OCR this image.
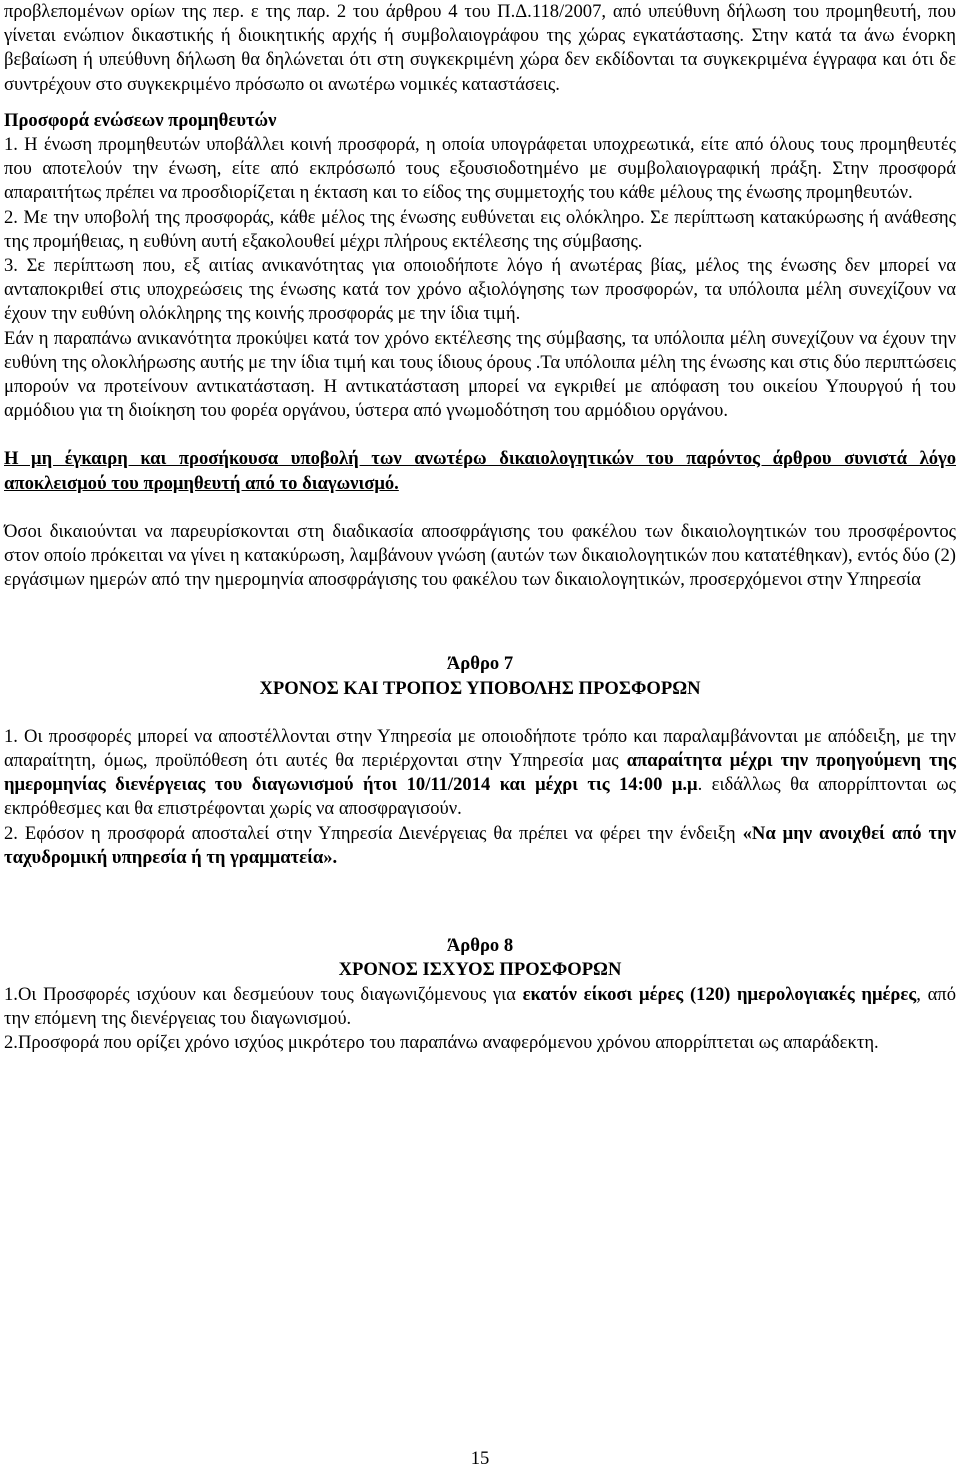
προβλεπομένων ορίων της περ. ε της παρ. 2 του άρθρου 4 του Π.Δ.118/2007, από υπεύθυνη δήλωση του προμηθευτή, που γίνεται ενώπιον δικαστικής ή διοικητικής αρχής ή συμβολαιογράφου της χώρας εγκατάστασης. Στην κατά τα άνω ένορκη βεβαίωση ή υπεύθυνη δήλωση θα δηλώνεται ότι στη συγκεκριμένη χώρα δεν εκδίδονται τα συγκεκριμένα έγγραφα και ότι δε συντρέχουν στο συγκεκριμένο πρόσωπο οι ανωτέρω νομικές καταστάσεις.

Προσφορά ενώσεων προμηθευτών

1. Η ένωση προμηθευτών υποβάλλει κοινή προσφορά, η οποία υπογράφεται υποχρεωτικά, είτε από όλους τους προμηθευτές που αποτελούν την ένωση, είτε από εκπρόσωπό τους εξουσιοδοτημένο με συμβολαιογραφική πράξη. Στην προσφορά απαραιτήτως πρέπει να προσδιορίζεται η έκταση και το είδος της συμμετοχής του κάθε μέλους της ένωσης προμηθευτών.

2. Με την υποβολή της προσφοράς, κάθε μέλος της ένωσης ευθύνεται εις ολόκληρο. Σε περίπτωση κατακύρωσης ή ανάθεσης της προμήθειας, η ευθύνη αυτή εξακολουθεί μέχρι πλήρους εκτέλεσης της σύμβασης.

3. Σε περίπτωση που, εξ αιτίας ανικανότητας για οποιοδήποτε λόγο ή ανωτέρας βίας, μέλος της ένωσης δεν μπορεί να ανταποκριθεί στις υποχρεώσεις της ένωσης κατά τον χρόνο αξιολόγησης των προσφορών, τα υπόλοιπα μέλη συνεχίζουν να έχουν την ευθύνη ολόκληρης της κοινής προσφοράς με την ίδια τιμή.

Εάν η παραπάνω ανικανότητα προκύψει κατά τον χρόνο εκτέλεσης της σύμβασης, τα υπόλοιπα μέλη συνεχίζουν να έχουν την ευθύνη της ολοκλήρωσης αυτής με την ίδια τιμή και τους ίδιους όρους .Τα υπόλοιπα μέλη της ένωσης και στις δύο περιπτώσεις μπορούν να προτείνουν αντικατάσταση. Η αντικατάσταση μπορεί να εγκριθεί με απόφαση του οικείου Υπουργού ή του αρμόδιου για τη διοίκηση του φορέα οργάνου, ύστερα από γνωμοδότηση του αρμόδιου οργάνου.

Η μη έγκαιρη και προσήκουσα υποβολή των ανωτέρω δικαιολογητικών του παρόντος άρθρου συνιστά λόγο αποκλεισμού του προμηθευτή από το διαγωνισμό.

Όσοι δικαιούνται να παρευρίσκονται στη διαδικασία αποσφράγισης του φακέλου των δικαιολογητικών του προσφέροντος στον οποίο πρόκειται να γίνει η κατακύρωση, λαμβάνουν γνώση (αυτών των δικαιολογητικών που κατατέθηκαν), εντός δύο (2) εργάσιμων ημερών από την ημερομηνία αποσφράγισης του φακέλου των δικαιολογητικών, προσερχόμενοι στην Υπηρεσία

Άρθρο 7

ΧΡΟΝΟΣ ΚΑΙ ΤΡΟΠΟΣ ΥΠΟΒΟΛΗΣ ΠΡΟΣΦΟΡΩΝ

1. Οι προσφορές μπορεί να αποστέλλονται στην Υπηρεσία με οποιοδήποτε τρόπο και παραλαμβάνονται με απόδειξη, με την απαραίτητη, όμως, προϋπόθεση ότι αυτές θα περιέρχονται στην Υπηρεσία μας απαραίτητα μέχρι την προηγούμενη της ημερομηνίας διενέργειας του διαγωνισμού ήτοι 10/11/2014 και μέχρι τις 14:00 μ.μ. ειδάλλως θα απορρίπτονται ως εκπρόθεσμες και θα επιστρέφονται χωρίς να αποσφραγισούν.

2. Εφόσον η προσφορά αποσταλεί στην Υπηρεσία Διενέργειας θα πρέπει να φέρει την ένδειξη «Να μην ανοιχθεί από την ταχυδρομική υπηρεσία ή τη γραμματεία».

Άρθρο 8

ΧΡΟΝΟΣ ΙΣΧΥΟΣ ΠΡΟΣΦΟΡΩΝ

1.Οι Προσφορές ισχύουν και δεσμεύουν τους διαγωνιζόμενους για εκατόν είκοσι μέρες (120) ημερολογιακές ημέρες, από την επόμενη της διενέργειας του διαγωνισμού.

2.Προσφορά που ορίζει χρόνο ισχύος μικρότερο του παραπάνω αναφερόμενου χρόνου απορρίπτεται ως απαράδεκτη.

15
